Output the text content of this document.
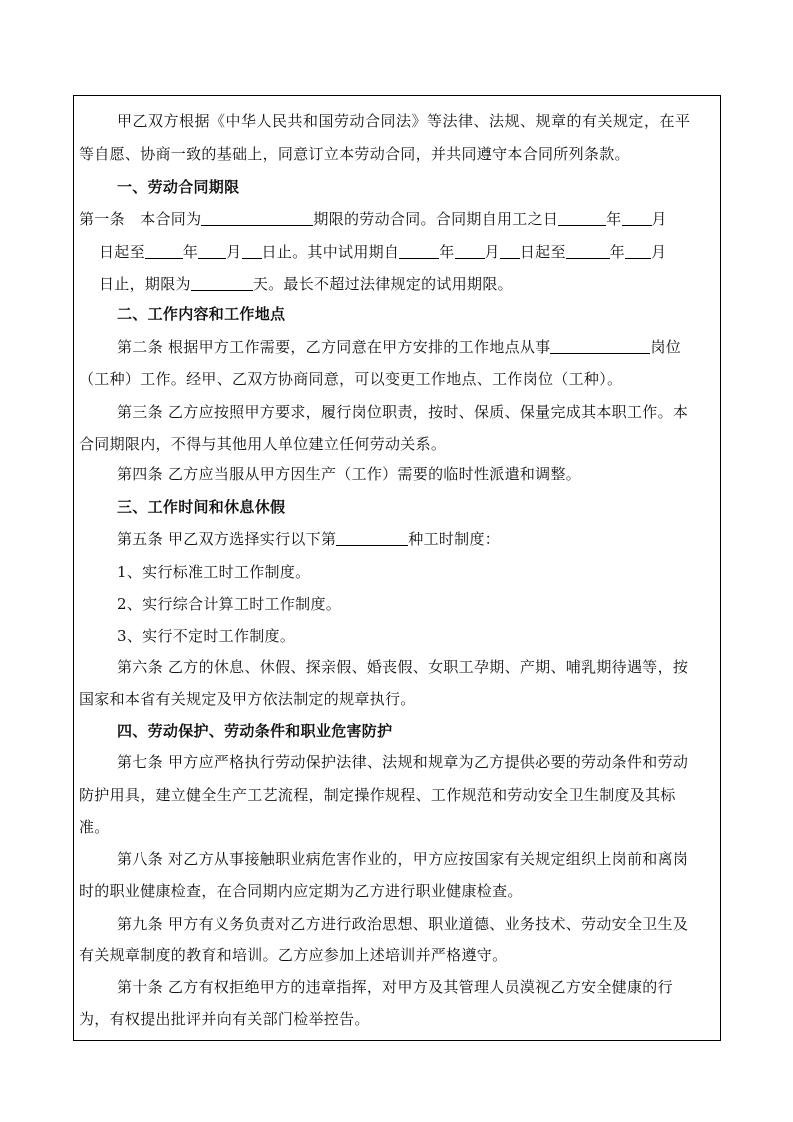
甲乙双方根据《中华人民共和国劳动合同法》等法律、法规、规章的有关规定，在平
等自愿、协商一致的基础上，同意订立本劳动合同，并共同遵守本合同所列条款。
一、劳动合同期限
第一条　本合同为	期限的劳动合同。合同期自用工之日	年 月
日起至	年 月 日止。其中试用期自	年 月 日起至	年 月
日止，期限为	天。最长不超过法律规定的试用期限。
二、工作内容和工作地点
第二条 根据甲方工作需要，乙方同意在甲方安排的工作地点从事	岗位
（工种）工作。经甲、乙双方协商同意，可以变更工作地点、工作岗位（工种）。
第三条 乙方应按照甲方要求，履行岗位职责，按时、保质、保量完成其本职工作。本
合同期限内，不得与其他用人单位建立任何劳动关系。
第四条 乙方应当服从甲方因生产（工作）需要的临时性派遣和调整。
三、工作时间和休息休假
第五条 甲乙双方选择实行以下第	种工时制度：
1、实行标准工时工作制度。
2、实行综合计算工时工作制度。
3、实行不定时工作制度。
第六条 乙方的休息、休假、探亲假、婚丧假、女职工孕期、产期、哺乳期待遇等，按
国家和本省有关规定及甲方依法制定的规章执行。
四、劳动保护、劳动条件和职业危害防护
第七条 甲方应严格执行劳动保护法律、法规和规章为乙方提供必要的劳动条件和劳动
防护用具，建立健全生产工艺流程，制定操作规程、工作规范和劳动安全卫生制度及其标
准。
第八条 对乙方从事接触职业病危害作业的，甲方应按国家有关规定组织上岗前和离岗
时的职业健康检查，在合同期内应定期为乙方进行职业健康检查。
第九条 甲方有义务负责对乙方进行政治思想、职业道德、业务技术、劳动安全卫生及
有关规章制度的教育和培训。乙方应参加上述培训并严格遵守。
第十条 乙方有权拒绝甲方的违章指挥，对甲方及其管理人员漠视乙方安全健康的行
为，有权提出批评并向有关部门检举控告。
